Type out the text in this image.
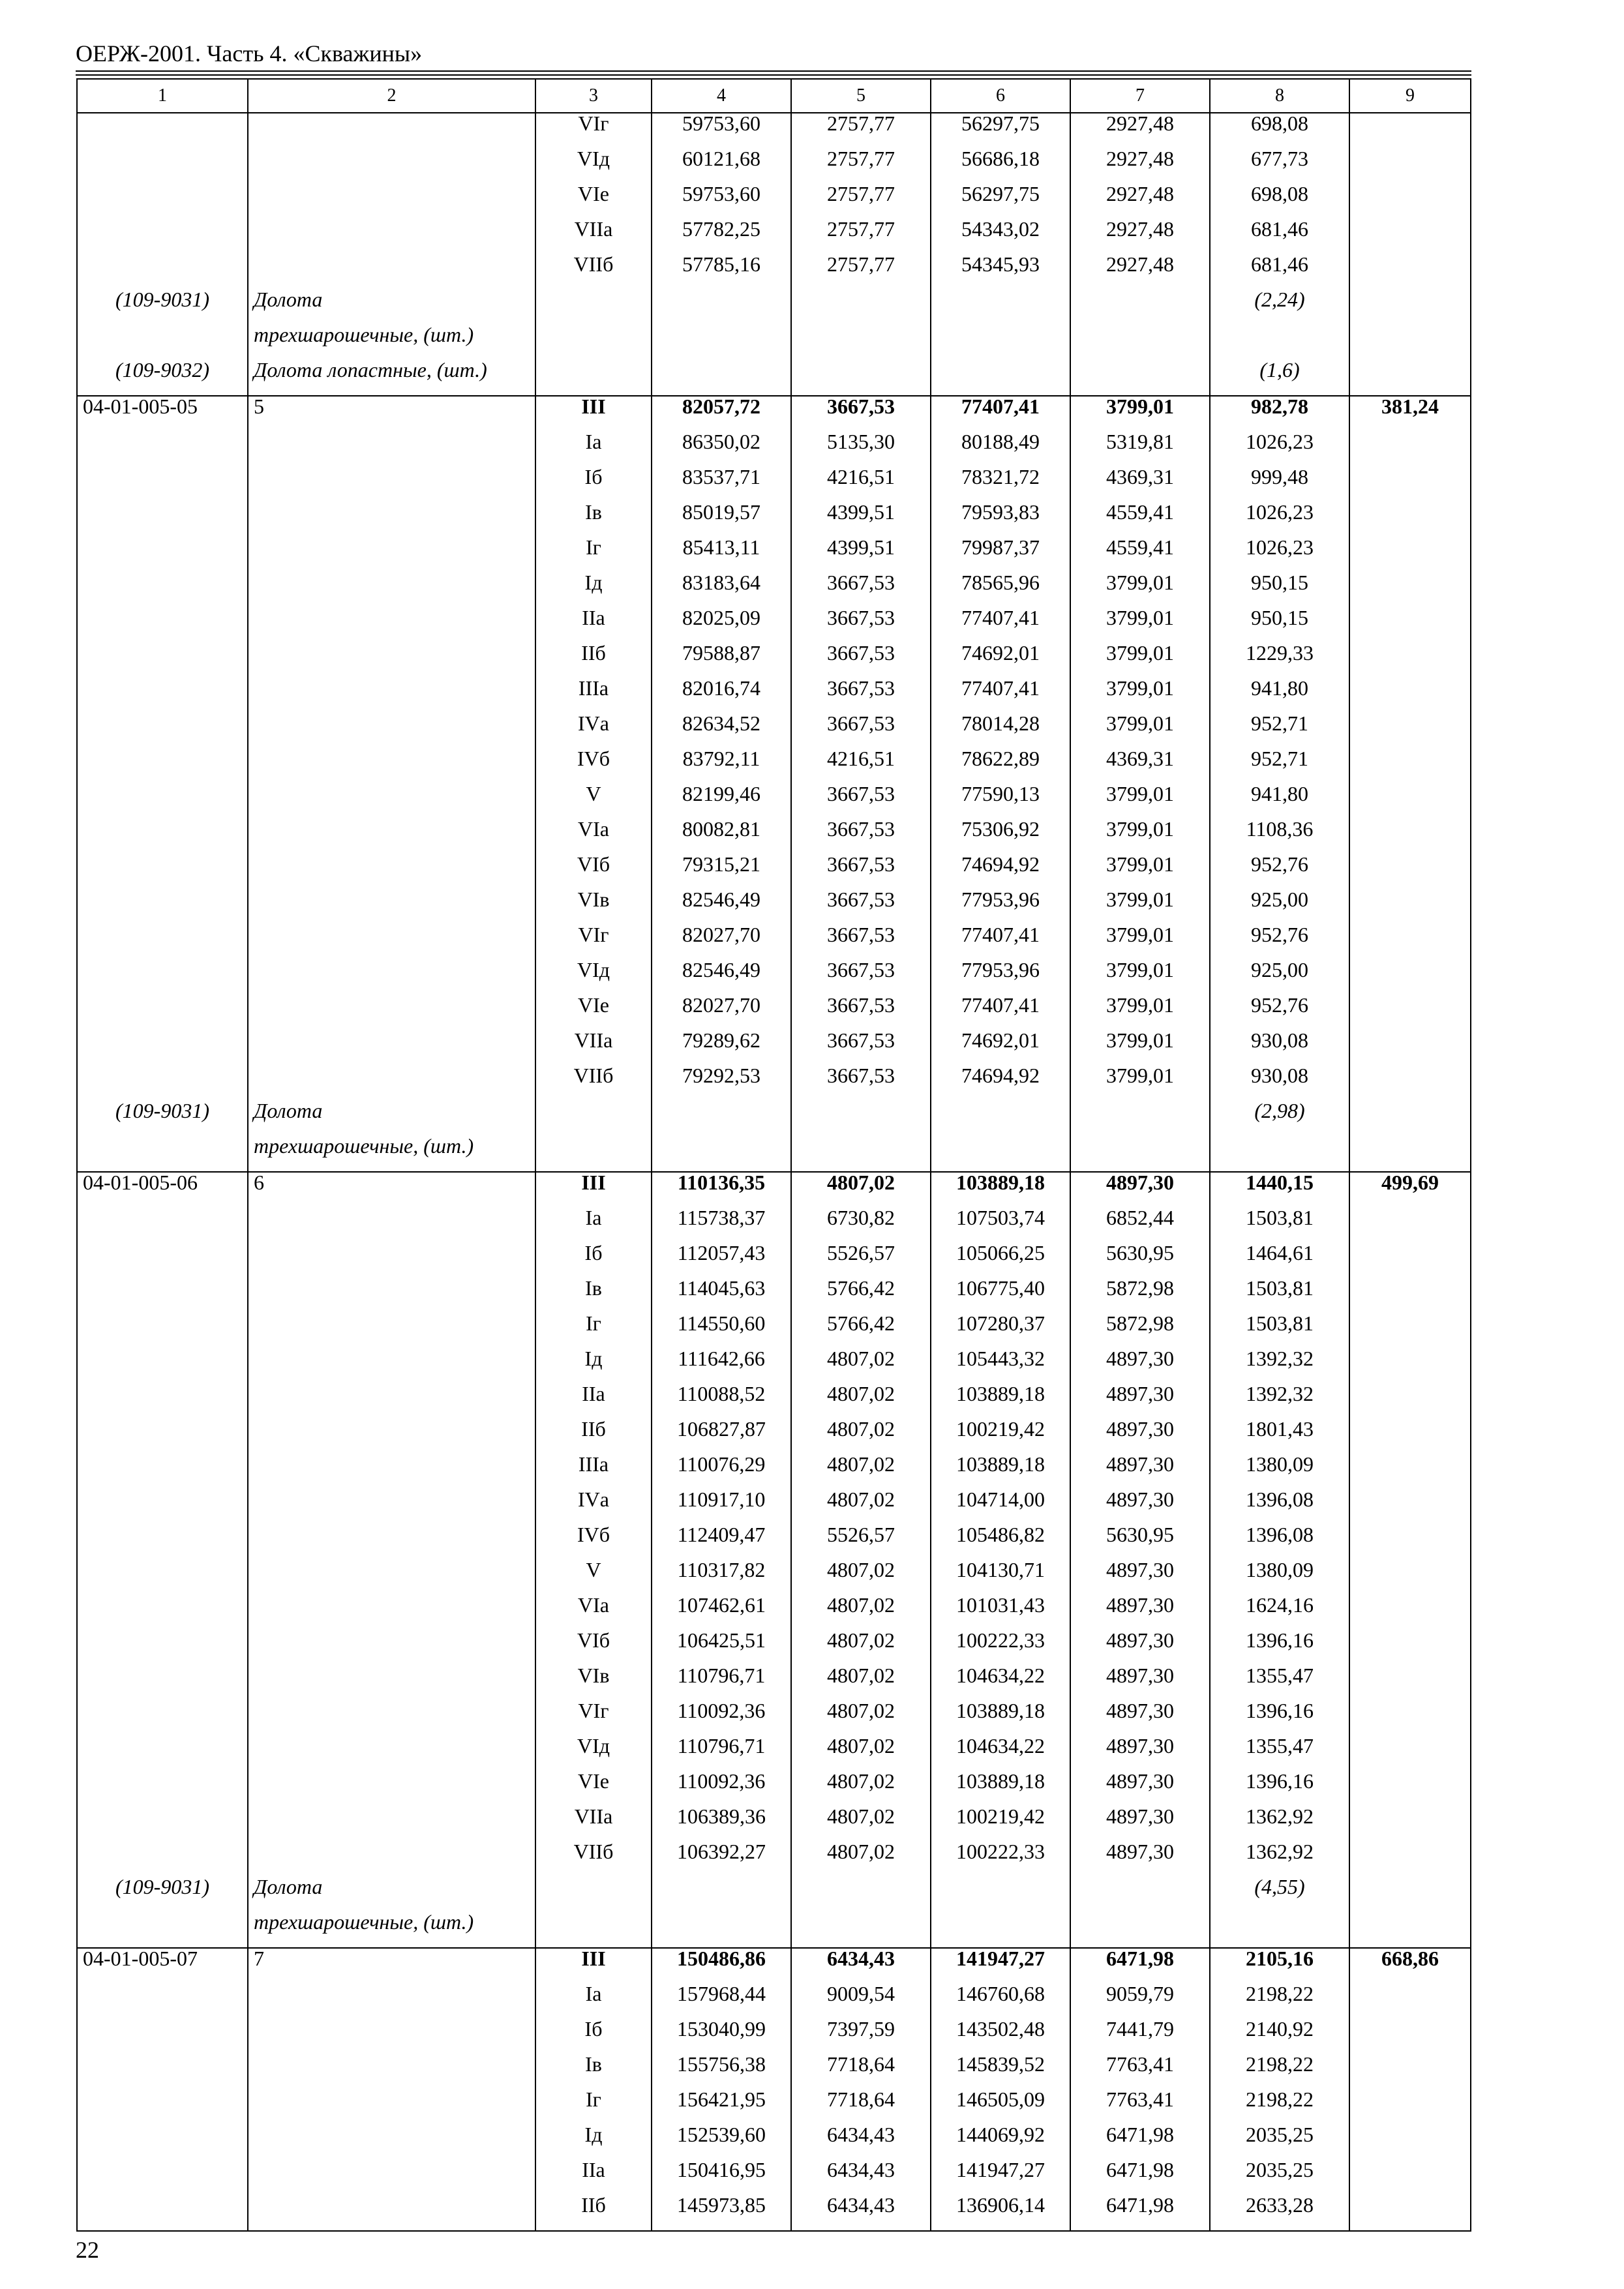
ОЕРЖ-2001. Часть 4. «Скважины»
1	2	3	4	5	6	7	8	9
		VIг	59753,60	2757,77	56297,75	2927,48	698,08	
		VIд	60121,68	2757,77	56686,18	2927,48	677,73	
		VIе	59753,60	2757,77	56297,75	2927,48	698,08	
		VIIа	57782,25	2757,77	54343,02	2927,48	681,46	
		VIIб	57785,16	2757,77	54345,93	2927,48	681,46	
(109-9031)	Долота						(2,24)	
	трехшарошечные, (шт.)							
(109-9032)	Долота лопастные, (шт.)						(1,6)	
04-01-005-05	5	III	82057,72	3667,53	77407,41	3799,01	982,78	381,24
		Iа	86350,02	5135,30	80188,49	5319,81	1026,23	
		Iб	83537,71	4216,51	78321,72	4369,31	999,48	
		Iв	85019,57	4399,51	79593,83	4559,41	1026,23	
		Iг	85413,11	4399,51	79987,37	4559,41	1026,23	
		Iд	83183,64	3667,53	78565,96	3799,01	950,15	
		IIа	82025,09	3667,53	77407,41	3799,01	950,15	
		IIб	79588,87	3667,53	74692,01	3799,01	1229,33	
		IIIа	82016,74	3667,53	77407,41	3799,01	941,80	
		IVа	82634,52	3667,53	78014,28	3799,01	952,71	
		IVб	83792,11	4216,51	78622,89	4369,31	952,71	
		V	82199,46	3667,53	77590,13	3799,01	941,80	
		VIа	80082,81	3667,53	75306,92	3799,01	1108,36	
		VIб	79315,21	3667,53	74694,92	3799,01	952,76	
		VIв	82546,49	3667,53	77953,96	3799,01	925,00	
		VIг	82027,70	3667,53	77407,41	3799,01	952,76	
		VIд	82546,49	3667,53	77953,96	3799,01	925,00	
		VIе	82027,70	3667,53	77407,41	3799,01	952,76	
		VIIа	79289,62	3667,53	74692,01	3799,01	930,08	
		VIIб	79292,53	3667,53	74694,92	3799,01	930,08	
(109-9031)	Долота						(2,98)	
	трехшарошечные, (шт.)							
04-01-005-06	6	III	110136,35	4807,02	103889,18	4897,30	1440,15	499,69
		Iа	115738,37	6730,82	107503,74	6852,44	1503,81	
		Iб	112057,43	5526,57	105066,25	5630,95	1464,61	
		Iв	114045,63	5766,42	106775,40	5872,98	1503,81	
		Iг	114550,60	5766,42	107280,37	5872,98	1503,81	
		Iд	111642,66	4807,02	105443,32	4897,30	1392,32	
		IIа	110088,52	4807,02	103889,18	4897,30	1392,32	
		IIб	106827,87	4807,02	100219,42	4897,30	1801,43	
		IIIа	110076,29	4807,02	103889,18	4897,30	1380,09	
		IVа	110917,10	4807,02	104714,00	4897,30	1396,08	
		IVб	112409,47	5526,57	105486,82	5630,95	1396,08	
		V	110317,82	4807,02	104130,71	4897,30	1380,09	
		VIа	107462,61	4807,02	101031,43	4897,30	1624,16	
		VIб	106425,51	4807,02	100222,33	4897,30	1396,16	
		VIв	110796,71	4807,02	104634,22	4897,30	1355,47	
		VIг	110092,36	4807,02	103889,18	4897,30	1396,16	
		VIд	110796,71	4807,02	104634,22	4897,30	1355,47	
		VIе	110092,36	4807,02	103889,18	4897,30	1396,16	
		VIIа	106389,36	4807,02	100219,42	4897,30	1362,92	
		VIIб	106392,27	4807,02	100222,33	4897,30	1362,92	
(109-9031)	Долота						(4,55)	
	трехшарошечные, (шт.)							
04-01-005-07	7	III	150486,86	6434,43	141947,27	6471,98	2105,16	668,86
		Iа	157968,44	9009,54	146760,68	9059,79	2198,22	
		Iб	153040,99	7397,59	143502,48	7441,79	2140,92	
		Iв	155756,38	7718,64	145839,52	7763,41	2198,22	
		Iг	156421,95	7718,64	146505,09	7763,41	2198,22	
		Iд	152539,60	6434,43	144069,92	6471,98	2035,25	
		IIа	150416,95	6434,43	141947,27	6471,98	2035,25	
		IIб	145973,85	6434,43	136906,14	6471,98	2633,28	
22
